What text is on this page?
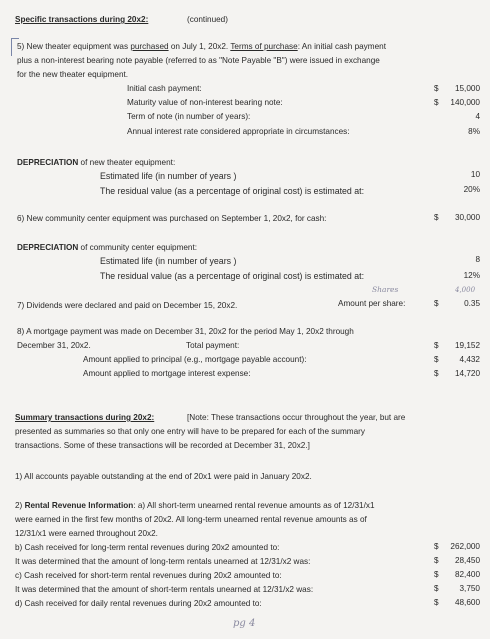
Specific transactions during 20x2:	(continued)
5) New theater equipment was purchased on July 1, 20x2. Terms of purchase: An initial cash payment
plus a non-interest bearing note payable (referred to as "Note Payable "B") were issued in exchange
for the new theater equipment.
Initial cash payment:	$ 15,000
Maturity value of non-interest bearing note:	$ 140,000
Term of note (in number of years):	4
Annual interest rate considered appropriate in circumstances:	8%
DEPRECIATION of new theater equipment:
Estimated life (in number of years )	10
The residual value (as a percentage of original cost) is estimated at:	20%
6) New community center equipment was purchased on September 1, 20x2, for cash:	$ 30,000
DEPRECIATION of community center equipment:
Estimated life (in number of years )	8
The residual value (as a percentage of original cost) is estimated at:	12%
Shares	4,000
7) Dividends were declared and paid on December 15, 20x2.	Amount per share:	$	0.35
8) A mortgage payment was made on December 31, 20x2 for the period May 1, 20x2 through
December 31, 20x2.	Total payment:	$ 19,152
Amount applied to principal (e.g., mortgage payable account):	$	4,432
Amount applied to mortgage interest expense:	$ 14,720
Summary transactions during 20x2:	[Note: These transactions occur throughout the year, but are
presented as summaries so that only one entry will have to be prepared for each of the summary
transactions. Some of these transactions will be recorded at December 31, 20x2.]
1) All accounts payable outstanding at the end of 20x1 were paid in January 20x2.
2) Rental Revenue Information: a) All short-term unearned rental revenue amounts as of 12/31/x1
were earned in the first few months of 20x2. All long-term unearned rental revenue amounts as of
12/31/x1 were earned throughout 20x2.
b) Cash received for long-term rental revenues during 20x2 amounted to:	$ 262,000
It was determined that the amount of long-term rentals unearned at 12/31/x2 was:	$ 28,450
c) Cash received for short-term rental revenues during 20x2 amounted to:	$ 82,400
It was determined that the amount of short-term rentals unearned at 12/31/x2 was:	$	3,750
d) Cash received for daily rental revenues during 20x2 amounted to:	$ 48,600
pg 4
